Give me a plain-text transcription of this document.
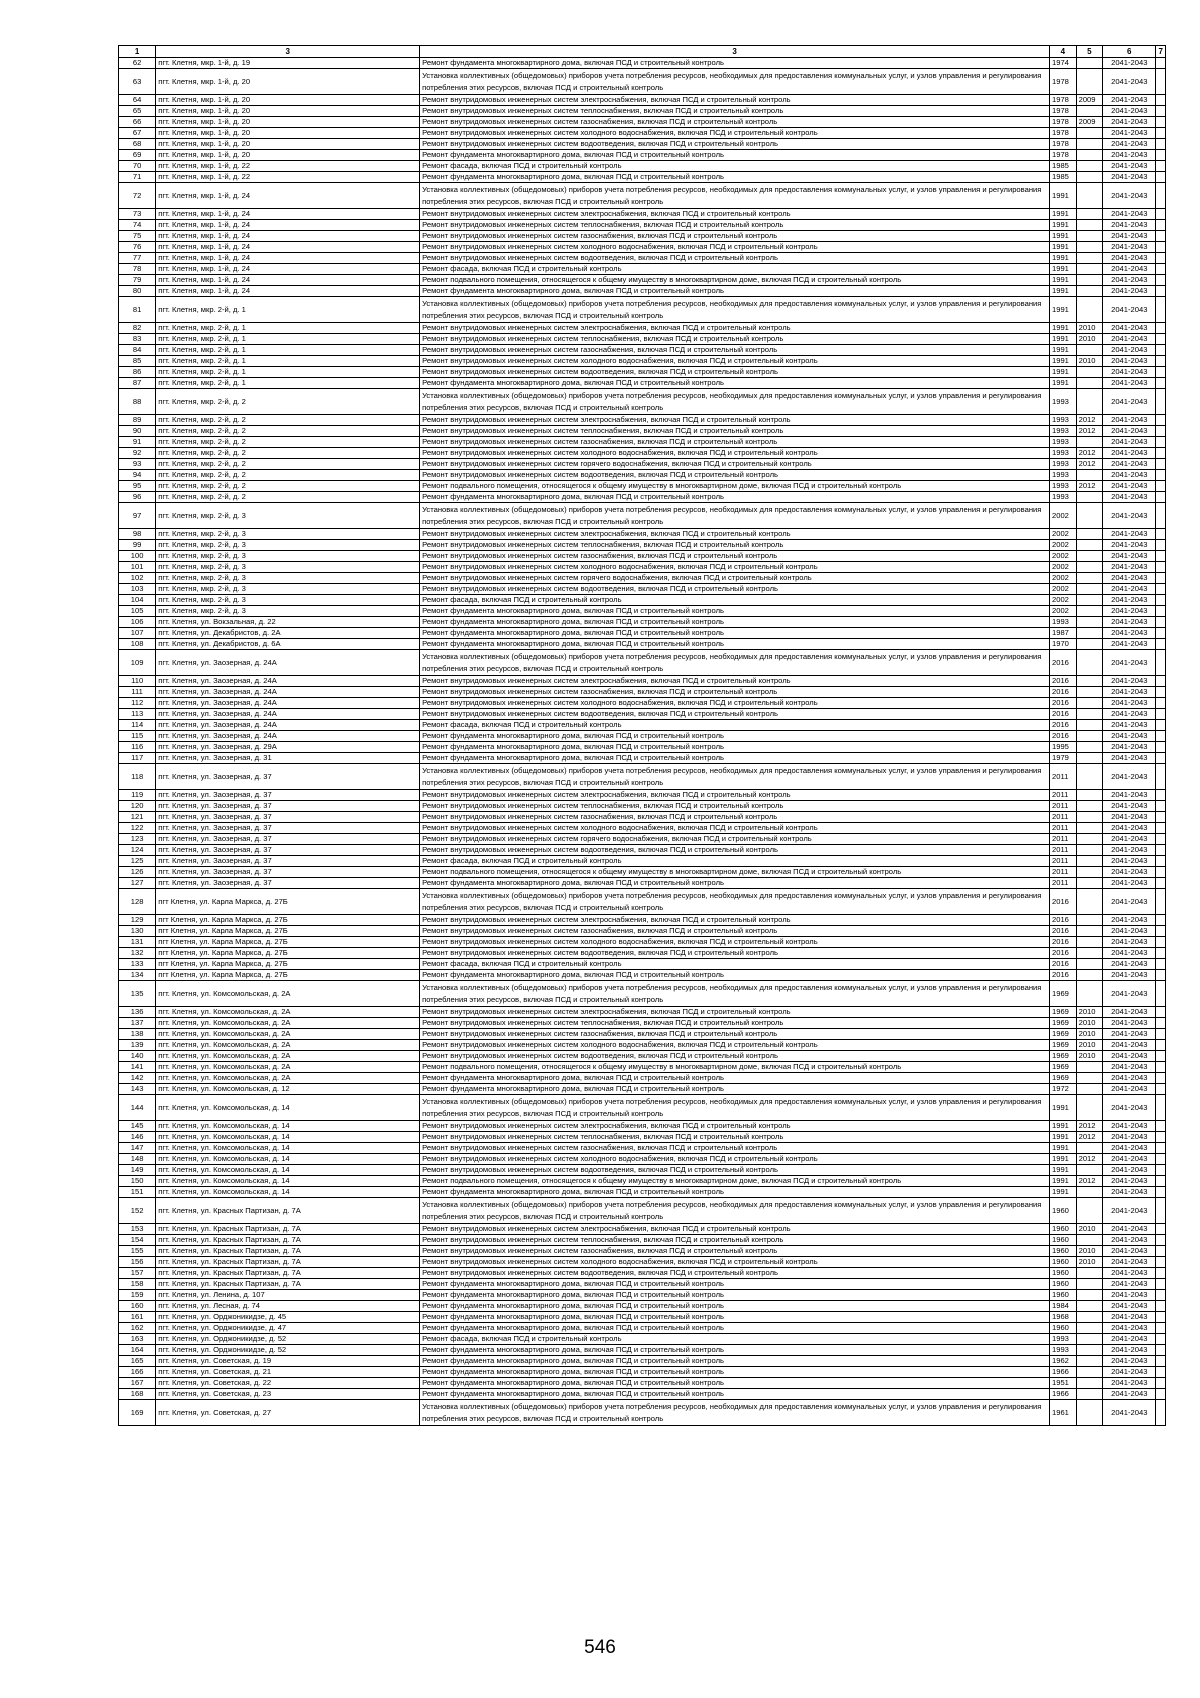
1	3	3	4	5	6	7
62	пгт. Клетня, мкр. 1-й, д. 19	Ремонт фундамента многоквартирного дома, включая ПСД и строительный контроль	1974		2041-2043	
63	пгт. Клетня, мкр. 1-й, д. 20	Установка коллективных (общедомовых) приборов учета потребления ресурсов, необходимых для предоставления коммунальных услуг, и узлов управления и регулирования потребления этих ресурсов, включая ПСД и строительный контроль	1978		2041-2043	
64	пгт. Клетня, мкр. 1-й, д. 20	Ремонт внутридомовых инженерных систем электроснабжения, включая ПСД и строительный контроль	1978	2009	2041-2043	
65	пгт. Клетня, мкр. 1-й, д. 20	Ремонт внутридомовых инженерных систем теплоснабжения, включая ПСД и строительный контроль	1978		2041-2043	
66	пгт. Клетня, мкр. 1-й, д. 20	Ремонт внутридомовых инженерных систем газоснабжения, включая ПСД и строительный контроль	1978	2009	2041-2043	
67	пгт. Клетня, мкр. 1-й, д. 20	Ремонт внутридомовых инженерных систем холодного водоснабжения, включая ПСД и строительный контроль	1978		2041-2043	
68	пгт. Клетня, мкр. 1-й, д. 20	Ремонт внутридомовых инженерных систем водоотведения, включая ПСД и строительный контроль	1978		2041-2043	
69	пгт. Клетня, мкр. 1-й, д. 20	Ремонт фундамента многоквартирного дома, включая ПСД и строительный контроль	1978		2041-2043	
70	пгт. Клетня, мкр. 1-й, д. 22	Ремонт фасада, включая ПСД и строительный контроль	1985		2041-2043	
71	пгт. Клетня, мкр. 1-й, д. 22	Ремонт фундамента многоквартирного дома, включая ПСД и строительный контроль	1985		2041-2043	
72	пгт. Клетня, мкр. 1-й, д. 24	Установка коллективных (общедомовых) приборов учета потребления ресурсов, необходимых для предоставления коммунальных услуг, и узлов управления и регулирования потребления этих ресурсов, включая ПСД и строительный контроль	1991		2041-2043	
73	пгт. Клетня, мкр. 1-й, д. 24	Ремонт внутридомовых инженерных систем электроснабжения, включая ПСД и строительный контроль	1991		2041-2043	
74	пгт. Клетня, мкр. 1-й, д. 24	Ремонт внутридомовых инженерных систем теплоснабжения, включая ПСД и строительный контроль	1991		2041-2043	
75	пгт. Клетня, мкр. 1-й, д. 24	Ремонт внутридомовых инженерных систем газоснабжения, включая ПСД и строительный контроль	1991		2041-2043	
76	пгт. Клетня, мкр. 1-й, д. 24	Ремонт внутридомовых инженерных систем холодного водоснабжения, включая ПСД и строительный контроль	1991		2041-2043	
77	пгт. Клетня, мкр. 1-й, д. 24	Ремонт внутридомовых инженерных систем водоотведения, включая ПСД и строительный контроль	1991		2041-2043	
78	пгт. Клетня, мкр. 1-й, д. 24	Ремонт фасада, включая ПСД и строительный контроль	1991		2041-2043	
79	пгт. Клетня, мкр. 1-й, д. 24	Ремонт подвального помещения, относящегося к общему имуществу в многоквартирном доме, включая ПСД и строительный контроль	1991		2041-2043	
80	пгт. Клетня, мкр. 1-й, д. 24	Ремонт фундамента многоквартирного дома, включая ПСД и строительный контроль	1991		2041-2043	
81	пгт. Клетня, мкр. 2-й, д. 1	Установка коллективных (общедомовых) приборов учета потребления ресурсов, необходимых для предоставления коммунальных услуг, и узлов управления и регулирования потребления этих ресурсов, включая ПСД и строительный контроль	1991		2041-2043	
82	пгт. Клетня, мкр. 2-й, д. 1	Ремонт внутридомовых инженерных систем электроснабжения, включая ПСД и строительный контроль	1991	2010	2041-2043	
83	пгт. Клетня, мкр. 2-й, д. 1	Ремонт внутридомовых инженерных систем теплоснабжения, включая ПСД и строительный контроль	1991	2010	2041-2043	
84	пгт. Клетня, мкр. 2-й, д. 1	Ремонт внутридомовых инженерных систем газоснабжения, включая ПСД и строительный контроль	1991		2041-2043	
85	пгт. Клетня, мкр. 2-й, д. 1	Ремонт внутридомовых инженерных систем холодного водоснабжения, включая ПСД и строительный контроль	1991	2010	2041-2043	
86	пгт. Клетня, мкр. 2-й, д. 1	Ремонт внутридомовых инженерных систем водоотведения, включая ПСД и строительный контроль	1991		2041-2043	
87	пгт. Клетня, мкр. 2-й, д. 1	Ремонт фундамента многоквартирного дома, включая ПСД и строительный контроль	1991		2041-2043	
88	пгт. Клетня, мкр. 2-й, д. 2	Установка коллективных (общедомовых) приборов учета потребления ресурсов, необходимых для предоставления коммунальных услуг, и узлов управления и регулирования потребления этих ресурсов, включая ПСД и строительный контроль	1993		2041-2043	
89	пгт. Клетня, мкр. 2-й, д. 2	Ремонт внутридомовых инженерных систем электроснабжения, включая ПСД и строительный контроль	1993	2012	2041-2043	
90	пгт. Клетня, мкр. 2-й, д. 2	Ремонт внутридомовых инженерных систем теплоснабжения, включая ПСД и строительный контроль	1993	2012	2041-2043	
91	пгт. Клетня, мкр. 2-й, д. 2	Ремонт внутридомовых инженерных систем газоснабжения, включая ПСД и строительный контроль	1993		2041-2043	
92	пгт. Клетня, мкр. 2-й, д. 2	Ремонт внутридомовых инженерных систем холодного водоснабжения, включая ПСД и строительный контроль	1993	2012	2041-2043	
93	пгт. Клетня, мкр. 2-й, д. 2	Ремонт внутридомовых инженерных систем горячего водоснабжения, включая ПСД и строительный контроль	1993	2012	2041-2043	
94	пгт. Клетня, мкр. 2-й, д. 2	Ремонт внутридомовых инженерных систем водоотведения, включая ПСД и строительный контроль	1993		2041-2043	
95	пгт. Клетня, мкр. 2-й, д. 2	Ремонт подвального помещения, относящегося к общему имуществу в многоквартирном доме, включая ПСД и строительный контроль	1993	2012	2041-2043	
96	пгт. Клетня, мкр. 2-й, д. 2	Ремонт фундамента многоквартирного дома, включая ПСД и строительный контроль	1993		2041-2043	
97	пгт. Клетня, мкр. 2-й, д. 3	Установка коллективных (общедомовых) приборов учета потребления ресурсов, необходимых для предоставления коммунальных услуг, и узлов управления и регулирования потребления этих ресурсов, включая ПСД и строительный контроль	2002		2041-2043	
98	пгт. Клетня, мкр. 2-й, д. 3	Ремонт внутридомовых инженерных систем электроснабжения, включая ПСД и строительный контроль	2002		2041-2043	
99	пгт. Клетня, мкр. 2-й, д. 3	Ремонт внутридомовых инженерных систем теплоснабжения, включая ПСД и строительный контроль	2002		2041-2043	
100	пгт. Клетня, мкр. 2-й, д. 3	Ремонт внутридомовых инженерных систем газоснабжения, включая ПСД и строительный контроль	2002		2041-2043	
101	пгт. Клетня, мкр. 2-й, д. 3	Ремонт внутридомовых инженерных систем холодного водоснабжения, включая ПСД и строительный контроль	2002		2041-2043	
102	пгт. Клетня, мкр. 2-й, д. 3	Ремонт внутридомовых инженерных систем горячего водоснабжения, включая ПСД и строительный контроль	2002		2041-2043	
103	пгт. Клетня, мкр. 2-й, д. 3	Ремонт внутридомовых инженерных систем водоотведения, включая ПСД и строительный контроль	2002		2041-2043	
104	пгт. Клетня, мкр. 2-й, д. 3	Ремонт фасада, включая ПСД и строительный контроль	2002		2041-2043	
105	пгт. Клетня, мкр. 2-й, д. 3	Ремонт фундамента многоквартирного дома, включая ПСД и строительный контроль	2002		2041-2043	
106	пгт. Клетня, ул. Вокзальная, д. 22	Ремонт фундамента многоквартирного дома, включая ПСД и строительный контроль	1993		2041-2043	
107	пгт. Клетня, ул. Декабристов, д. 2А	Ремонт фундамента многоквартирного дома, включая ПСД и строительный контроль	1987		2041-2043	
108	пгт. Клетня, ул. Декабристов, д. 6А	Ремонт фундамента многоквартирного дома, включая ПСД и строительный контроль	1970		2041-2043	
109	пгт. Клетня, ул. Заозерная, д. 24А	Установка коллективных (общедомовых) приборов учета потребления ресурсов, необходимых для предоставления коммунальных услуг, и узлов управления и регулирования потребления этих ресурсов, включая ПСД и строительный контроль	2016		2041-2043	
110	пгт. Клетня, ул. Заозерная, д. 24А	Ремонт внутридомовых инженерных систем электроснабжения, включая ПСД и строительный контроль	2016		2041-2043	
111	пгт. Клетня, ул. Заозерная, д. 24А	Ремонт внутридомовых инженерных систем газоснабжения, включая ПСД и строительный контроль	2016		2041-2043	
112	пгт. Клетня, ул. Заозерная, д. 24А	Ремонт внутридомовых инженерных систем холодного водоснабжения, включая ПСД и строительный контроль	2016		2041-2043	
113	пгт. Клетня, ул. Заозерная, д. 24А	Ремонт внутридомовых инженерных систем водоотведения, включая ПСД и строительный контроль	2016		2041-2043	
114	пгт. Клетня, ул. Заозерная, д. 24А	Ремонт фасада, включая ПСД и строительный контроль	2016		2041-2043	
115	пгт. Клетня, ул. Заозерная, д. 24А	Ремонт фундамента многоквартирного дома, включая ПСД и строительный контроль	2016		2041-2043	
116	пгт. Клетня, ул. Заозерная, д. 29А	Ремонт фундамента многоквартирного дома, включая ПСД и строительный контроль	1995		2041-2043	
117	пгт. Клетня, ул. Заозерная, д. 31	Ремонт фундамента многоквартирного дома, включая ПСД и строительный контроль	1979		2041-2043	
118	пгт. Клетня, ул. Заозерная, д. 37	Установка коллективных (общедомовых) приборов учета потребления ресурсов, необходимых для предоставления коммунальных услуг, и узлов управления и регулирования потребления этих ресурсов, включая ПСД и строительный контроль	2011		2041-2043	
119	пгт. Клетня, ул. Заозерная, д. 37	Ремонт внутридомовых инженерных систем электроснабжения, включая ПСД и строительный контроль	2011		2041-2043	
120	пгт. Клетня, ул. Заозерная, д. 37	Ремонт внутридомовых инженерных систем теплоснабжения, включая ПСД и строительный контроль	2011		2041-2043	
121	пгт. Клетня, ул. Заозерная, д. 37	Ремонт внутридомовых инженерных систем газоснабжения, включая ПСД и строительный контроль	2011		2041-2043	
122	пгт. Клетня, ул. Заозерная, д. 37	Ремонт внутридомовых инженерных систем холодного водоснабжения, включая ПСД и строительный контроль	2011		2041-2043	
123	пгт. Клетня, ул. Заозерная, д. 37	Ремонт внутридомовых инженерных систем горячего водоснабжения, включая ПСД и строительный контроль	2011		2041-2043	
124	пгт. Клетня, ул. Заозерная, д. 37	Ремонт внутридомовых инженерных систем водоотведения, включая ПСД и строительный контроль	2011		2041-2043	
125	пгт. Клетня, ул. Заозерная, д. 37	Ремонт фасада, включая ПСД и строительный контроль	2011		2041-2043	
126	пгт. Клетня, ул. Заозерная, д. 37	Ремонт подвального помещения, относящегося к общему имуществу в многоквартирном доме, включая ПСД и строительный контроль	2011		2041-2043	
127	пгт. Клетня, ул. Заозерная, д. 37	Ремонт фундамента многоквартирного дома, включая ПСД и строительный контроль	2011		2041-2043	
128	пгт Клетня, ул. Карла Маркса, д. 27Б	Установка коллективных (общедомовых) приборов учета потребления ресурсов, необходимых для предоставления коммунальных услуг, и узлов управления и регулирования потребления этих ресурсов, включая ПСД и строительный контроль	2016		2041-2043	
129	пгт Клетня, ул. Карла Маркса, д. 27Б	Ремонт внутридомовых инженерных систем электроснабжения, включая ПСД и строительный контроль	2016		2041-2043	
130	пгт Клетня, ул. Карла Маркса, д. 27Б	Ремонт внутридомовых инженерных систем газоснабжения, включая ПСД и строительный контроль	2016		2041-2043	
131	пгт Клетня, ул. Карла Маркса, д. 27Б	Ремонт внутридомовых инженерных систем холодного водоснабжения, включая ПСД и строительный контроль	2016		2041-2043	
132	пгт Клетня, ул. Карла Маркса, д. 27Б	Ремонт внутридомовых инженерных систем водоотведения, включая ПСД и строительный контроль	2016		2041-2043	
133	пгт Клетня, ул. Карла Маркса, д. 27Б	Ремонт фасада, включая ПСД и строительный контроль	2016		2041-2043	
134	пгт Клетня, ул. Карла Маркса, д. 27Б	Ремонт фундамента многоквартирного дома, включая ПСД и строительный контроль	2016		2041-2043	
135	пгт. Клетня, ул. Комсомольская, д. 2А	Установка коллективных (общедомовых) приборов учета потребления ресурсов, необходимых для предоставления коммунальных услуг, и узлов управления и регулирования потребления этих ресурсов, включая ПСД и строительный контроль	1969		2041-2043	
136	пгт. Клетня, ул. Комсомольская, д. 2А	Ремонт внутридомовых инженерных систем электроснабжения, включая ПСД и строительный контроль	1969	2010	2041-2043	
137	пгт. Клетня, ул. Комсомольская, д. 2А	Ремонт внутридомовых инженерных систем теплоснабжения, включая ПСД и строительный контроль	1969	2010	2041-2043	
138	пгт. Клетня, ул. Комсомольская, д. 2А	Ремонт внутридомовых инженерных систем газоснабжения, включая ПСД и строительный контроль	1969	2010	2041-2043	
139	пгт. Клетня, ул. Комсомольская, д. 2А	Ремонт внутридомовых инженерных систем холодного водоснабжения, включая ПСД и строительный контроль	1969	2010	2041-2043	
140	пгт. Клетня, ул. Комсомольская, д. 2А	Ремонт внутридомовых инженерных систем водоотведения, включая ПСД и строительный контроль	1969	2010	2041-2043	
141	пгт. Клетня, ул. Комсомольская, д. 2А	Ремонт подвального помещения, относящегося к общему имуществу в многоквартирном доме, включая ПСД и строительный контроль	1969		2041-2043	
142	пгт. Клетня, ул. Комсомольская, д. 2А	Ремонт фундамента многоквартирного дома, включая ПСД и строительный контроль	1969		2041-2043	
143	пгт. Клетня, ул. Комсомольская, д. 12	Ремонт фундамента многоквартирного дома, включая ПСД и строительный контроль	1972		2041-2043	
144	пгт. Клетня, ул. Комсомольская, д. 14	Установка коллективных (общедомовых) приборов учета потребления ресурсов, необходимых для предоставления коммунальных услуг, и узлов управления и регулирования потребления этих ресурсов, включая ПСД и строительный контроль	1991		2041-2043	
145	пгт. Клетня, ул. Комсомольская, д. 14	Ремонт внутридомовых инженерных систем электроснабжения, включая ПСД и строительный контроль	1991	2012	2041-2043	
146	пгт. Клетня, ул. Комсомольская, д. 14	Ремонт внутридомовых инженерных систем теплоснабжения, включая ПСД и строительный контроль	1991	2012	2041-2043	
147	пгт. Клетня, ул. Комсомольская, д. 14	Ремонт внутридомовых инженерных систем газоснабжения, включая ПСД и строительный контроль	1991		2041-2043	
148	пгт. Клетня, ул. Комсомольская, д. 14	Ремонт внутридомовых инженерных систем холодного водоснабжения, включая ПСД и строительный контроль	1991	2012	2041-2043	
149	пгт. Клетня, ул. Комсомольская, д. 14	Ремонт внутридомовых инженерных систем водоотведения, включая ПСД и строительный контроль	1991		2041-2043	
150	пгт. Клетня, ул. Комсомольская, д. 14	Ремонт подвального помещения, относящегося к общему имуществу в многоквартирном доме, включая ПСД и строительный контроль	1991	2012	2041-2043	
151	пгт. Клетня, ул. Комсомольская, д. 14	Ремонт фундамента многоквартирного дома, включая ПСД и строительный контроль	1991		2041-2043	
152	пгт. Клетня, ул. Красных Партизан, д. 7А	Установка коллективных (общедомовых) приборов учета потребления ресурсов, необходимых для предоставления коммунальных услуг, и узлов управления и регулирования потребления этих ресурсов, включая ПСД и строительный контроль	1960		2041-2043	
153	пгт. Клетня, ул. Красных Партизан, д. 7А	Ремонт внутридомовых инженерных систем электроснабжения, включая ПСД и строительный контроль	1960	2010	2041-2043	
154	пгт. Клетня, ул. Красных Партизан, д. 7А	Ремонт внутридомовых инженерных систем теплоснабжения, включая ПСД и строительный контроль	1960		2041-2043	
155	пгт. Клетня, ул. Красных Партизан, д. 7А	Ремонт внутридомовых инженерных систем газоснабжения, включая ПСД и строительный контроль	1960	2010	2041-2043	
156	пгт. Клетня, ул. Красных Партизан, д. 7А	Ремонт внутридомовых инженерных систем холодного водоснабжения, включая ПСД и строительный контроль	1960	2010	2041-2043	
157	пгт. Клетня, ул. Красных Партизан, д. 7А	Ремонт внутридомовых инженерных систем водоотведения, включая ПСД и строительный контроль	1960		2041-2043	
158	пгт. Клетня, ул. Красных Партизан, д. 7А	Ремонт фундамента многоквартирного дома, включая ПСД и строительный контроль	1960		2041-2043	
159	пгт. Клетня, ул. Ленина, д. 107	Ремонт фундамента многоквартирного дома, включая ПСД и строительный контроль	1960		2041-2043	
160	пгт. Клетня, ул. Лесная, д. 74	Ремонт фундамента многоквартирного дома, включая ПСД и строительный контроль	1984		2041-2043	
161	пгт. Клетня, ул. Орджоникидзе, д. 45	Ремонт фундамента многоквартирного дома, включая ПСД и строительный контроль	1968		2041-2043	
162	пгт. Клетня, ул. Орджоникидзе, д. 47	Ремонт фундамента многоквартирного дома, включая ПСД и строительный контроль	1960		2041-2043	
163	пгт. Клетня, ул. Орджоникидзе, д. 52	Ремонт фасада, включая ПСД и строительный контроль	1993		2041-2043	
164	пгт. Клетня, ул. Орджоникидзе, д. 52	Ремонт фундамента многоквартирного дома, включая ПСД и строительный контроль	1993		2041-2043	
165	пгт. Клетня, ул. Советская, д. 19	Ремонт фундамента многоквартирного дома, включая ПСД и строительный контроль	1962		2041-2043	
166	пгт. Клетня, ул. Советская, д. 21	Ремонт фундамента многоквартирного дома, включая ПСД и строительный контроль	1966		2041-2043	
167	пгт. Клетня, ул. Советская, д. 22	Ремонт фундамента многоквартирного дома, включая ПСД и строительный контроль	1951		2041-2043	
168	пгт. Клетня, ул. Советская, д. 23	Ремонт фундамента многоквартирного дома, включая ПСД и строительный контроль	1966		2041-2043	
169	пгт. Клетня, ул. Советская, д. 27	Установка коллективных (общедомовых) приборов учета потребления ресурсов, необходимых для предоставления коммунальных услуг, и узлов управления и регулирования потребления этих ресурсов, включая ПСД и строительный контроль	1961		2041-2043	
546
